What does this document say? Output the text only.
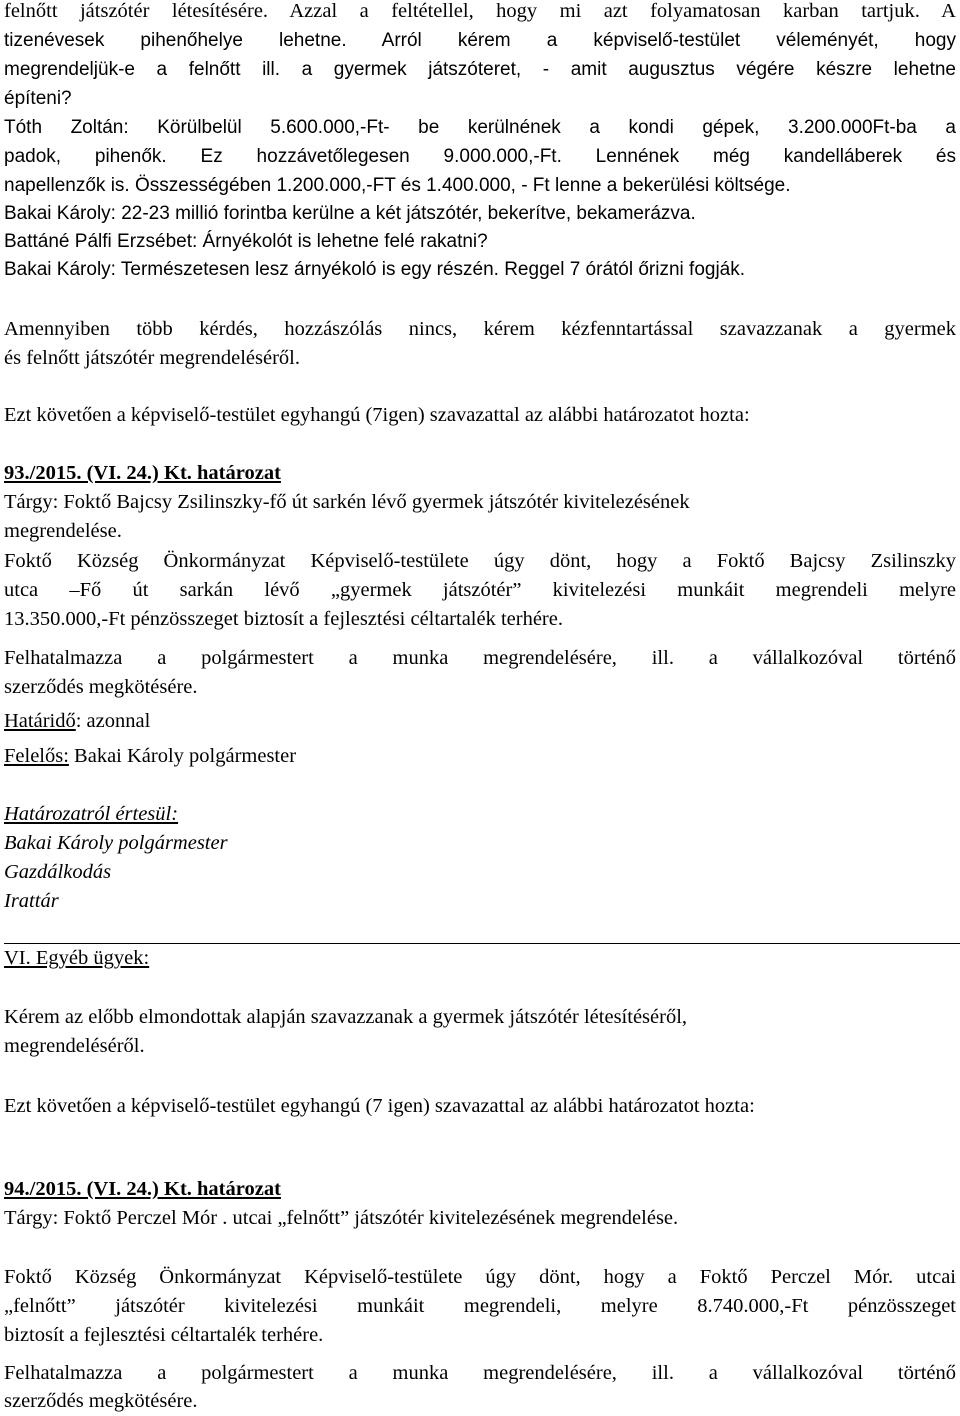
felnőtt játszótér létesítésére. Azzal a feltétellel, hogy mi azt folyamatosan karban tartjuk. A
tizenévesek pihenőhelye lehetne. Arról kérem a képviselő-testület véleményét, hogy
megrendeljük-e a felnőtt ill. a gyermek játszóteret, - amit augusztus végére készre lehetne
építeni?
Tóth Zoltán: Körülbelül 5.600.000,-Ft- be kerülnének a kondi gépek, 3.200.000Ft-ba a
padok, pihenők. Ez hozzávetőlegesen 9.000.000,-Ft. Lennének még kandelláberek és
napellenzők is. Összességében 1.200.000,-FT és 1.400.000, - Ft lenne a bekerülési költsége.
Bakai Károly: 22-23 millió forintba kerülne a két játszótér, bekerítve, bekamerázva.
Battáné Pálfi Erzsébet: Árnyékolót is lehetne felé rakatni?
Bakai Károly: Természetesen lesz árnyékoló is egy részén. Reggel 7 órától őrizni fogják.
Amennyiben több kérdés, hozzászólás nincs, kérem kézfenntartással szavazzanak a gyermek
és felnőtt játszótér megrendeléséről.
Ezt követően a képviselő-testület egyhangú (7igen) szavazattal az alábbi határozatot hozta:
93./2015. (VI. 24.) Kt. határozat
Tárgy: Foktő Bajcsy Zsilinszky-fő út sarkén lévő gyermek játszótér kivitelezésének
megrendelése.
Foktő Község Önkormányzat Képviselő-testülete úgy dönt, hogy a Foktő Bajcsy Zsilinszky
utca –Fő út sarkán lévő „gyermek játszótér” kivitelezési munkáit megrendeli melyre
13.350.000,-Ft pénzösszeget biztosít a fejlesztési céltartalék terhére.
Felhatalmazza a polgármestert a munka megrendelésére, ill. a vállalkozóval történő
szerződés megkötésére.
Határidő: azonnal
Felelős: Bakai Károly polgármester
Határozatról értesül:
Bakai Károly polgármester
Gazdálkodás
Irattár
VI. Egyéb ügyek:
Kérem az előbb elmondottak alapján szavazzanak a gyermek játszótér létesítéséről,
megrendeléséről.
Ezt követően a képviselő-testület egyhangú (7 igen) szavazattal az alábbi határozatot hozta:
94./2015. (VI. 24.) Kt. határozat
Tárgy: Foktő Perczel Mór . utcai „felnőtt” játszótér kivitelezésének megrendelése.
Foktő Község Önkormányzat Képviselő-testülete úgy dönt, hogy a Foktő Perczel Mór. utcai
„felnőtt” játszótér kivitelezési munkáit megrendeli, melyre 8.740.000,-Ft pénzösszeget
biztosít a fejlesztési céltartalék terhére.
Felhatalmazza a polgármestert a munka megrendelésére, ill. a vállalkozóval történő
szerződés megkötésére.
